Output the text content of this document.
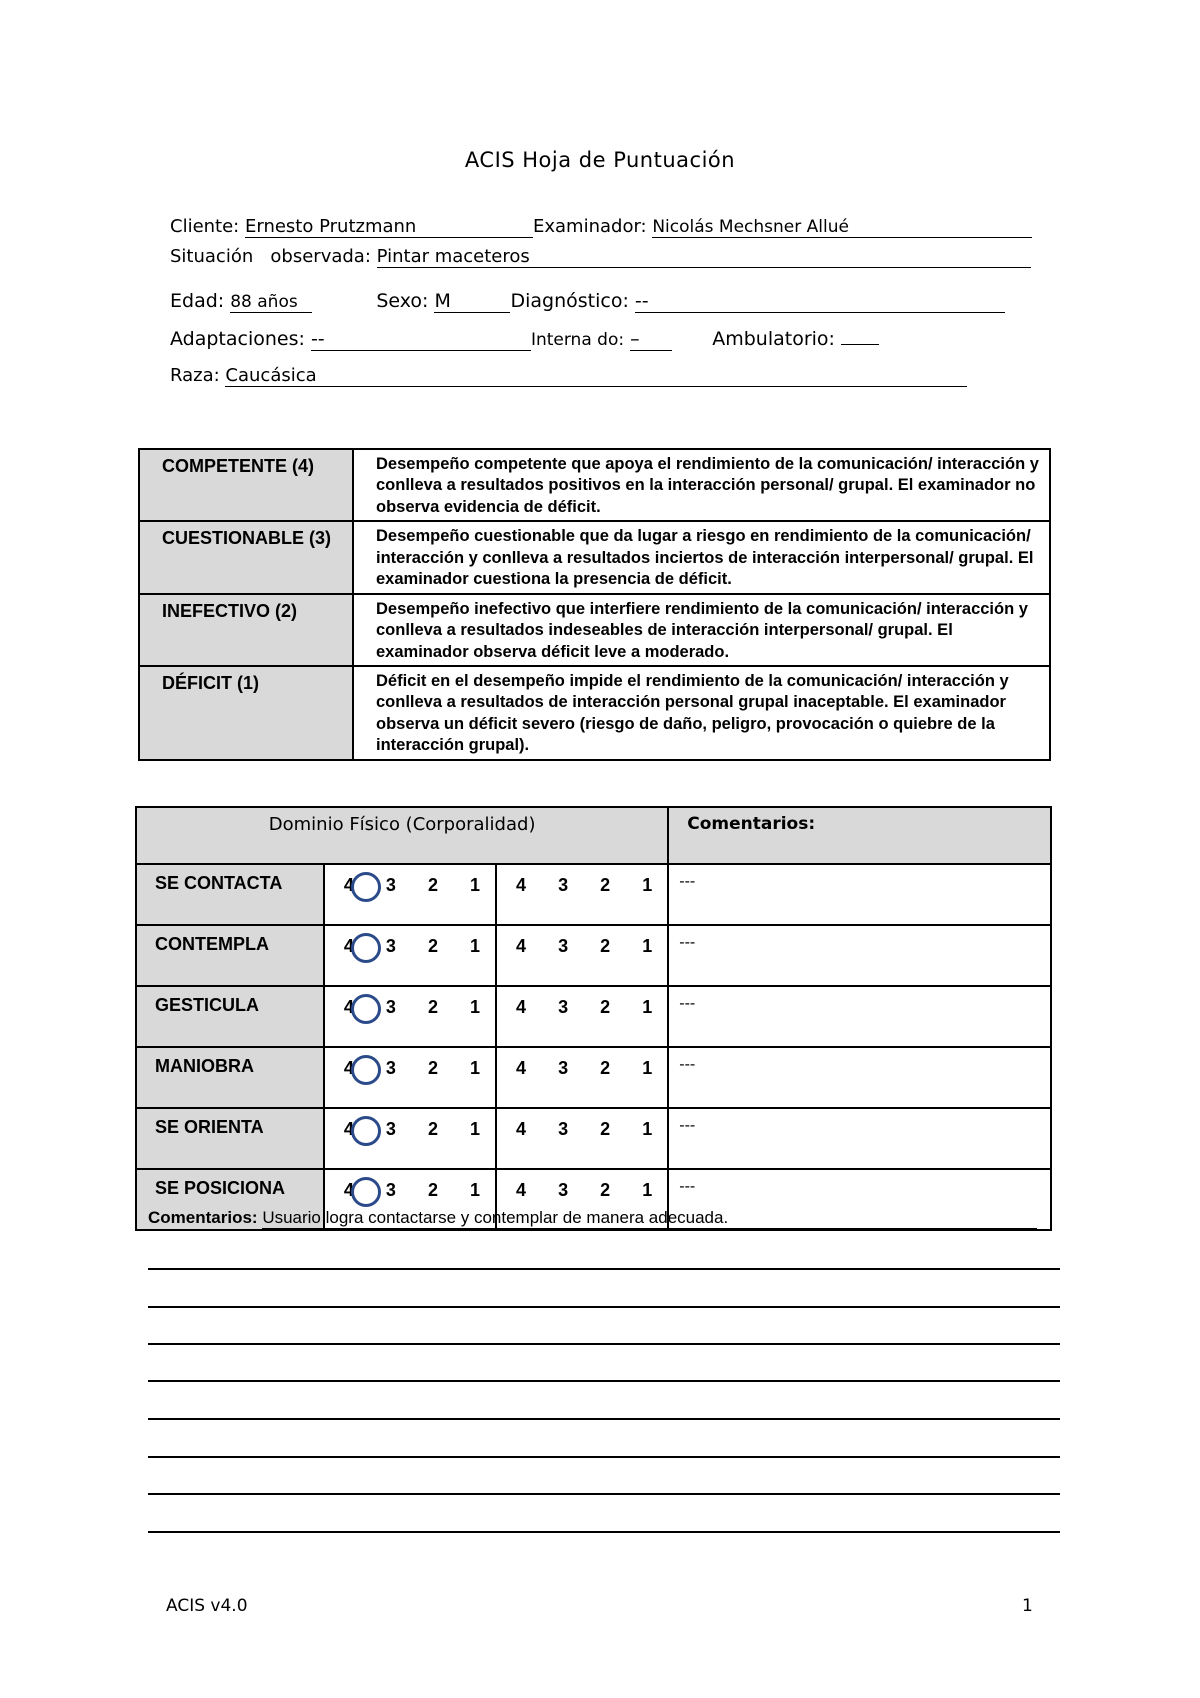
ACIS Hoja de Puntuación
Cliente: Ernesto Prutzmann	Examinador: Nicolás Mechsner Allué
Situación   observada: Pintar maceteros
Edad: 88 años	Sexo: M	Diagnóstico: --
Adaptaciones: --	Interna do: –	Ambulatorio:
Raza: Caucásica
COMPETENTE (4)	Desempeño competente que apoya el rendimiento de la comunicación/ interacción y conlleva a resultados positivos en la interacción personal/ grupal. El examinador no observa evidencia de déficit.
CUESTIONABLE (3)	Desempeño cuestionable que da lugar a riesgo en rendimiento de la comunicación/ interacción y conlleva a resultados inciertos de interacción interpersonal/ grupal. El examinador cuestiona la presencia de déficit.
INEFECTIVO (2)	Desempeño inefectivo que interfiere rendimiento de la comunicación/ interacción y conlleva a resultados indeseables de interacción interpersonal/ grupal. El examinador observa déficit leve a moderado.
DÉFICIT (1)	Déficit en el desempeño impide el rendimiento de la comunicación/ interacción y conlleva a resultados de interacción personal grupal inaceptable. El examinador observa un déficit severo (riesgo de daño, peligro, provocación o quiebre de la interacción grupal).
Dominio Físico (Corporalidad)			Comentarios:
SE CONTACTA	4 3 2 1	4 3 2 1	---
CONTEMPLA	4 3 2 1	4 3 2 1	---
GESTICULA	4 3 2 1	4 3 2 1	---
MANIOBRA	4 3 2 1	4 3 2 1	---
SE ORIENTA	4 3 2 1	4 3 2 1	---
SE POSICIONA	4 3 2 1	4 3 2 1	---
Comentarios: Usuario logra contactarse y contemplar de manera adecuada.
ACIS v4.0	1
